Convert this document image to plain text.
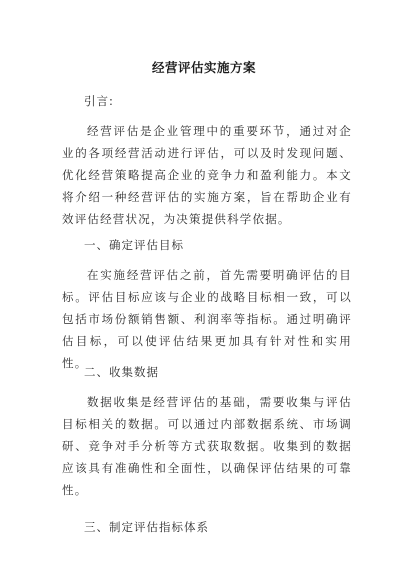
经营评估实施方案
引言:

经营评估是企业管理中的重要环节，通过对企业的各项经营活动进行评估，可以及时发现问题、优化经营策略提高企业的竞争力和盈利能力。本文将介绍一种经营评估的实施方案，旨在帮助企业有效评估经营状况，为决策提供科学依据。

一、确定评估目标

在实施经营评估之前，首先需要明确评估的目标。评估目标应该与企业的战略目标相一致，可以包括市场份额销售额、利润率等指标。通过明确评估目标，可以使评估结果更加具有针对性和实用性。

二、收集数据

数据收集是经营评估的基础，需要收集与评估目标相关的数据。可以通过内部数据系统、市场调研、竞争对手分析等方式获取数据。收集到的数据应该具有准确性和全面性，以确保评估结果的可靠性。

三、制定评估指标体系
